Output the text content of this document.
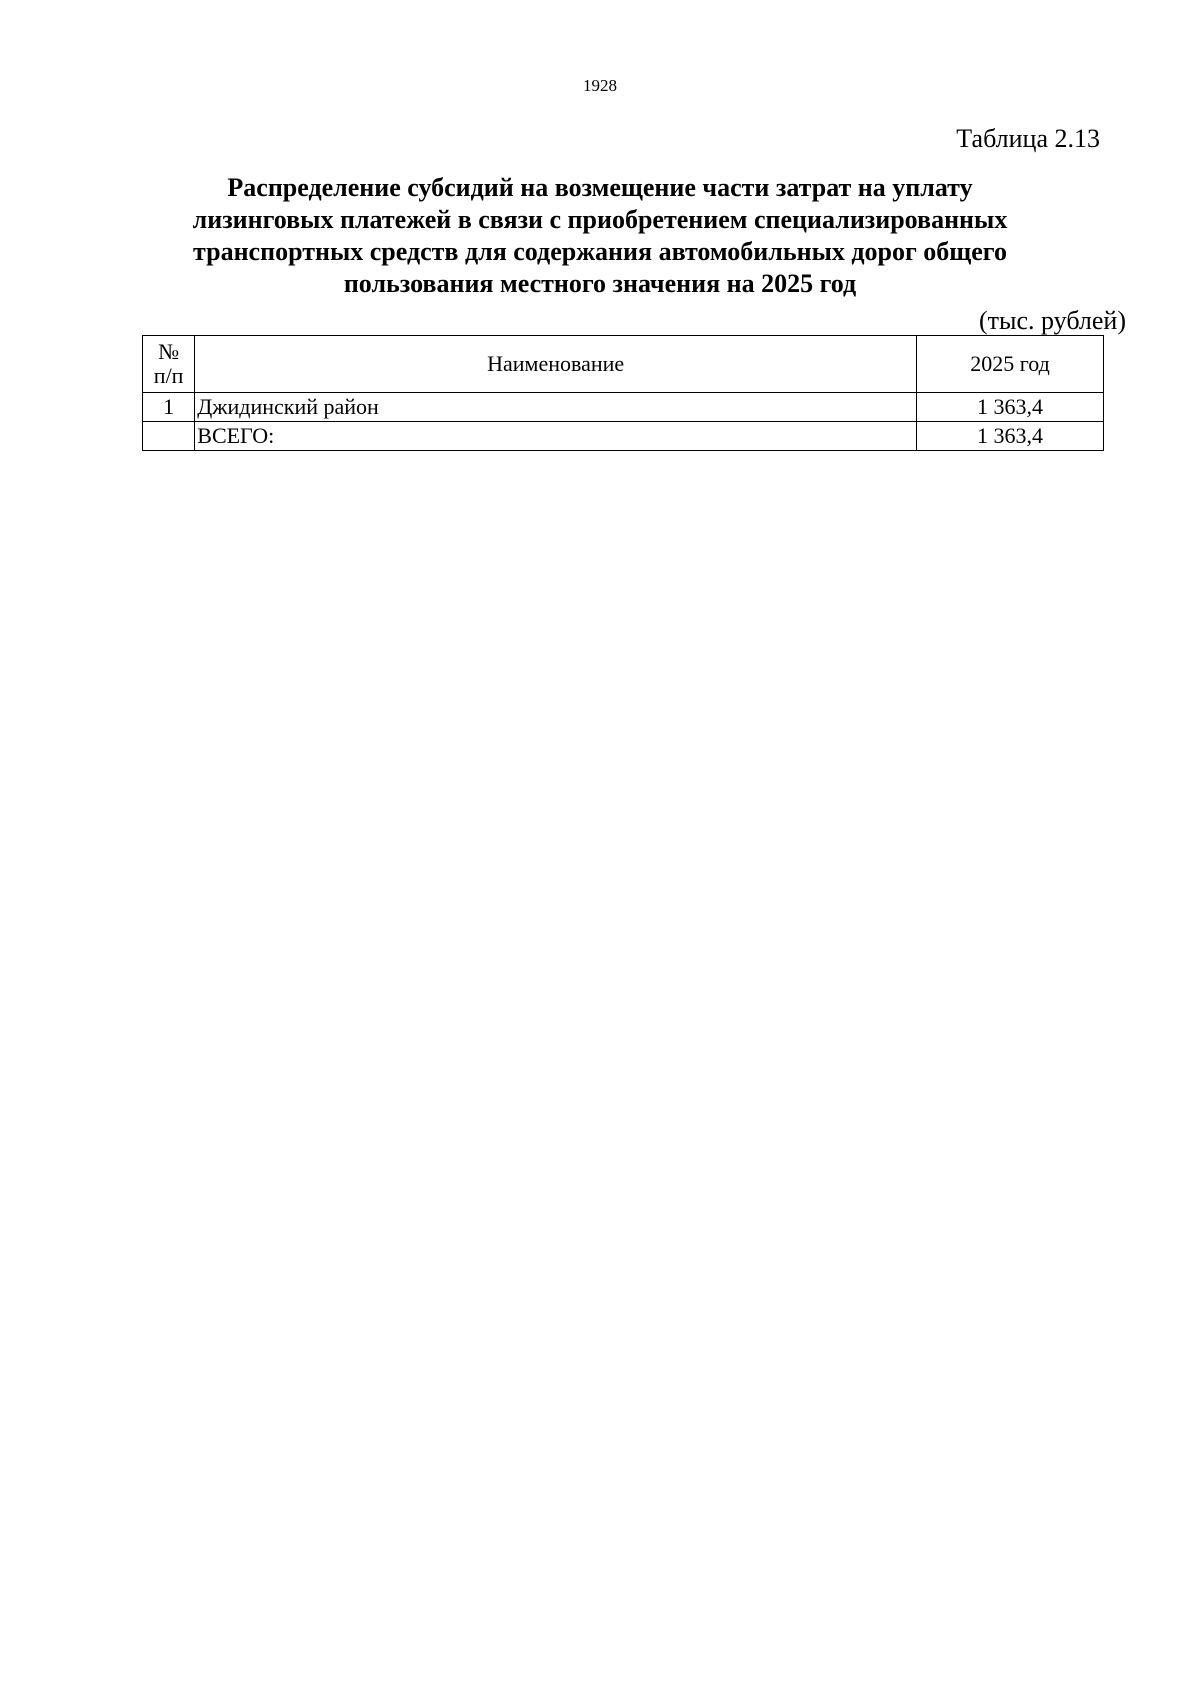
1928
Таблица 2.13
Распределение субсидий на возмещение части затрат на уплату
лизинговых платежей в связи с приобретением специализированных
транспортных средств для содержания автомобильных дорог общего
пользования местного значения на 2025 год
(тыс. рублей)
№
п/п	Наименование	2025 год
1	Джидинский район	1 363,4
	ВСЕГО:	1 363,4
